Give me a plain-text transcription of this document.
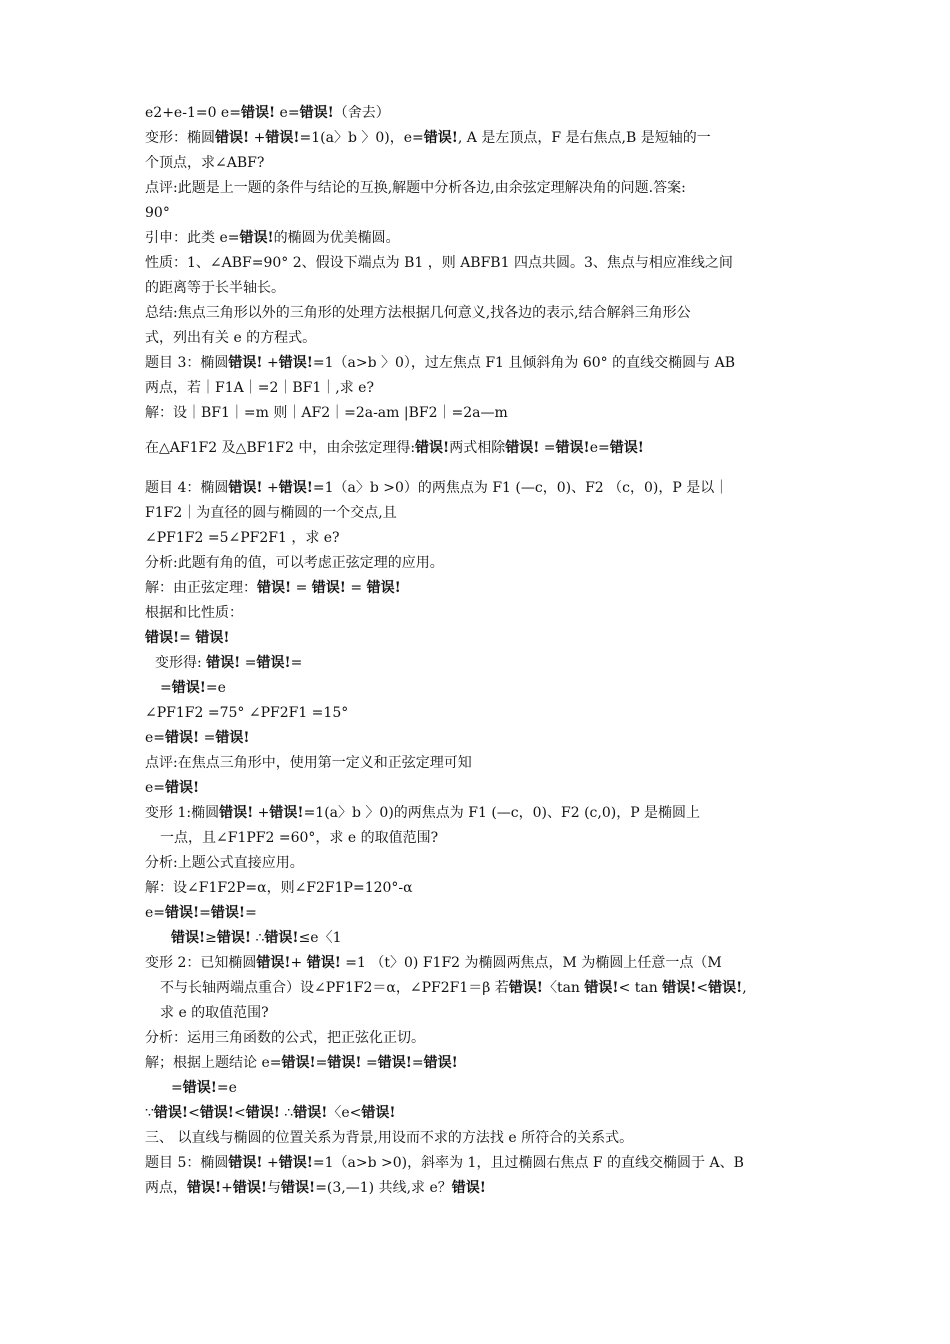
e2+e-1=0 e=错误! e=错误!（舍去）

变形：椭圆错误! +错误!=1(a〉b 〉0)，e=错误!, A 是左顶点，F 是右焦点,B 是短轴的一

个顶点，求∠ABF?

点评:此题是上一题的条件与结论的互换,解题中分析各边,由余弦定理解决角的问题.答案:

90°

引申：此类 e=错误!的椭圆为优美椭圆。

性质：1、∠ABF=90° 2、假设下端点为 B1 ，则 ABFB1 四点共圆。3、焦点与相应准线之间

的距离等于长半轴长。

总结:焦点三角形以外的三角形的处理方法根据几何意义,找各边的表示,结合解斜三角形公

式，列出有关 e 的方程式。

题目 3：椭圆错误! +错误!=1（a>b 〉0），过左焦点 F1 且倾斜角为 60° 的直线交椭圆与 AB

两点，若｜F1A｜=2｜BF1｜,求 e?

解：设｜BF1｜=m 则｜AF2｜=2a-am |BF2｜=2a—m

在△AF1F2 及△BF1F2 中，由余弦定理得:错误!两式相除错误! =错误!e=错误!

题目 4：椭圆错误! +错误!=1（a〉b >0）的两焦点为 F1 (—c，0)、F2 （c，0)，P 是以｜

F1F2｜为直径的圆与椭圆的一个交点,且

∠PF1F2 =5∠PF2F1 ，求 e?

分析:此题有角的值，可以考虑正弦定理的应用。

解：由正弦定理：错误! = 错误! = 错误!

根据和比性质：

错误!= 错误!

变形得: 错误! =错误!=

=错误!=e

∠PF1F2 =75° ∠PF2F1 =15°

e=错误! =错误!

点评:在焦点三角形中，使用第一定义和正弦定理可知

e=错误!

变形 1:椭圆错误! +错误!=1(a〉b 〉0)的两焦点为 F1 (—c，0)、F2 (c,0)，P 是椭圆上

一点，且∠F1PF2 =60°，求 e 的取值范围?

分析:上题公式直接应用。

解：设∠F1F2P=α，则∠F2F1P=120°-α

e=错误!=错误!=

错误!≥错误! ∴错误!≤e〈1

变形 2：已知椭圆错误!+ 错误! =1 （t〉0) F1F2 为椭圆两焦点，M 为椭圆上任意一点（M

不与长轴两端点重合）设∠PF1F2＝α，∠PF2F1＝β 若错误!〈tan 错误!< tan 错误!<错误!,

求 e 的取值范围?

分析：运用三角函数的公式，把正弦化正切。

解；根据上题结论 e=错误!=错误! =错误!=错误!

=错误!=e

∵错误!<错误!<错误! ∴错误!〈e<错误!

三、 以直线与椭圆的位置关系为背景,用设而不求的方法找 e 所符合的关系式。

题目 5：椭圆错误! +错误!=1（a>b >0)，斜率为 1，且过椭圆右焦点 F 的直线交椭圆于 A、B

两点，错误!+错误!与错误!=(3,—1) 共线,求 e？错误!
